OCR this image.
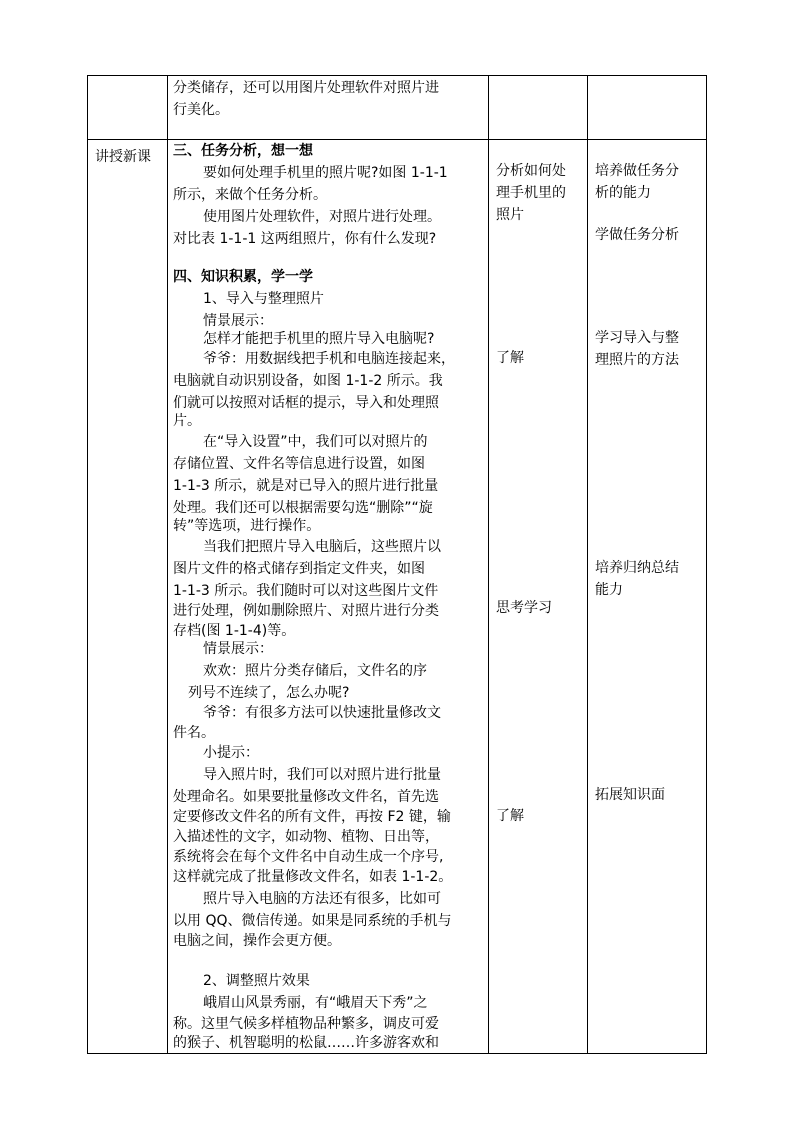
分类储存，还可以用图片处理软件对照片进
行美化。
讲授新课 三、任务分析，想一想
要如何处理手机里的照片呢?如图 1-1-1
所示，来做个任务分析。
使用图片处理软件，对照片进行处理。
对比表 1-1-1 这两组照片，你有什么发现?
四、知识积累，学一学
1、导入与整理照片
情景展示：
怎样才能把手机里的照片导入电脑呢?
爷爷：用数据线把手机和电脑连接起来，
电脑就自动识别设备，如图 1-1-2 所示。我
们就可以按照对话框的提示，导入和处理照
片。
在“导入设置”中，我们可以对照片的
存储位置、文件名等信息进行设置，如图
1-1-3 所示，就是对已导入的照片进行批量
处理。我们还可以根据需要勾选“删除”“旋
转”等选项，进行操作。
当我们把照片导入电脑后，这些照片以
图片文件的格式储存到指定文件夹，如图
1-1-3 所示。我们随时可以对这些图片文件
进行处理，例如删除照片、对照片进行分类
存档(图 1-1-4)等。
情景展示：
欢欢：照片分类存储后，文件名的序
列号不连续了，怎么办呢?
爷爷：有很多方法可以快速批量修改文
件名。
小提示：
导入照片时，我们可以对照片进行批量
处理命名。如果要批量修改文件名，首先选
定要修改文件名的所有文件，再按 F2 键，输
入描述性的文字，如动物、植物、日出等，
系统将会在每个文件名中自动生成一个序号,
这样就完成了批量修改文件名，如表 1-1-2。
照片导入电脑的方法还有很多，比如可
以用 QQ、微信传递。如果是同系统的手机与
电脑之间，操作会更方便。
2、调整照片效果
峨眉山风景秀丽，有“峨眉天下秀”之
称。这里气候多样植物品种繁多，调皮可爱
的猴子、机智聪明的松鼠……许多游客欢和
分析如何处
理手机里的
照片
了解
思考学习
了解
培养做任务分
析的能力
学做任务分析
学习导入与整
理照片的方法
培养归纳总结
能力
拓展知识面
